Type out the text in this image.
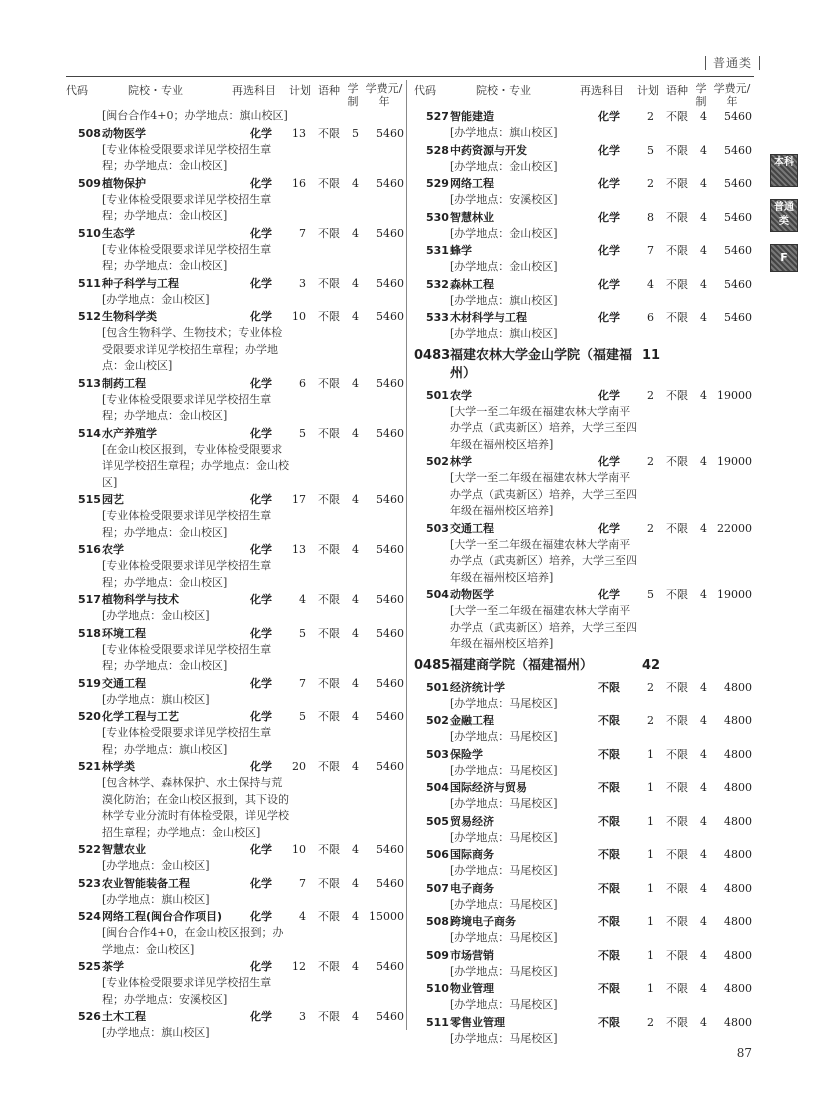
普通类
本科
普通类
F
代码	院校・专业	再选科目 计划 语种 学制
学费元/年
[闽台合作4+0；办学地点：旗山校区]
508 动物医学	化学	13 不限 5	5460
[专业体检受限要求详见学校招生章程；办学地点：金山校区]
509 植物保护	化学	16 不限 4	5460
[专业体检受限要求详见学校招生章程；办学地点：金山校区]
510 生态学	化学	7 不限 4	5460
[专业体检受限要求详见学校招生章程；办学地点：金山校区]
511 种子科学与工程	化学	3 不限 4	5460
[办学地点：金山校区]
512 生物科学类	化学	10 不限 4	5460
[包含生物科学、生物技术；专业体检受限要求详见学校招生章程；办学地点：金山校区]
513 制药工程	化学	6 不限 4	5460
[专业体检受限要求详见学校招生章程；办学地点：金山校区]
514 水产养殖学	化学	5 不限 4	5460
[在金山校区报到，专业体检受限要求详见学校招生章程；办学地点：金山校区]
515 园艺	化学	17 不限 4	5460
[专业体检受限要求详见学校招生章程；办学地点：金山校区]
516 农学	化学	13 不限 4	5460
[专业体检受限要求详见学校招生章程；办学地点：金山校区]
517 植物科学与技术	化学	4 不限 4	5460
[办学地点：金山校区]
518 环境工程	化学	5 不限 4	5460
[专业体检受限要求详见学校招生章程；办学地点：金山校区]
519 交通工程	化学	7 不限 4	5460
[办学地点：旗山校区]
520 化学工程与工艺	化学	5 不限 4	5460
[专业体检受限要求详见学校招生章程；办学地点：旗山校区]
521 林学类	化学	20 不限 4	5460
[包含林学、森林保护、水土保持与荒漠化防治；在金山校区报到，其下设的林学专业分流时有体检受限，详见学校招生章程；办学地点：金山校区]
522 智慧农业	化学	10 不限 4	5460
[办学地点：金山校区]
523 农业智能装备工程	化学	7 不限 4	5460
[办学地点：旗山校区]
524 网络工程(闽台合作项目)	化学	4 不限 4 15000
[闽台合作4+0，在金山校区报到；办学地点：金山校区]
525 茶学	化学	12 不限 4	5460
[专业体检受限要求详见学校招生章程；办学地点：安溪校区]
526 土木工程	化学	3 不限 4	5460
[办学地点：旗山校区]
代码	院校・专业	再选科目 计划 语种 学制
学费元/年
527 智能建造	化学	2 不限 4	5460
[办学地点：旗山校区]
528 中药资源与开发	化学	5 不限 4	5460
[办学地点：金山校区]
529 网络工程	化学	2 不限 4	5460
[办学地点：安溪校区]
530 智慧林业	化学	8 不限 4	5460
[办学地点：金山校区]
531 蜂学	化学	7 不限 4	5460
[办学地点：金山校区]
532 森林工程	化学	4 不限 4	5460
[办学地点：旗山校区]
533 木材科学与工程	化学	6 不限 4	5460
[办学地点：旗山校区]
0483 福建农林大学金山学院（福建福州）
11
501 农学	化学	2 不限 4 19000
[大学一至二年级在福建农林大学南平办学点（武夷新区）培养，大学三至四年级在福州校区培养]
502 林学	化学	2 不限 4 19000
[大学一至二年级在福建农林大学南平办学点（武夷新区）培养，大学三至四年级在福州校区培养]
503 交通工程	化学	2 不限 4 22000
[大学一至二年级在福建农林大学南平办学点（武夷新区）培养，大学三至四年级在福州校区培养]
504 动物医学	化学	5 不限 4 19000
[大学一至二年级在福建农林大学南平办学点（武夷新区）培养，大学三至四年级在福州校区培养]
0485 福建商学院（福建福州）	42
501 经济统计学	不限	2 不限 4	4800
[办学地点：马尾校区]
502 金融工程	不限	2 不限 4	4800
[办学地点：马尾校区]
503 保险学	不限	1 不限 4	4800
[办学地点：马尾校区]
504 国际经济与贸易	不限	1 不限 4	4800
[办学地点：马尾校区]
505 贸易经济	不限	1 不限 4	4800
[办学地点：马尾校区]
506 国际商务	不限	1 不限 4	4800
[办学地点：马尾校区]
507 电子商务	不限	1 不限 4	4800
[办学地点：马尾校区]
508 跨境电子商务	不限	1 不限 4	4800
[办学地点：马尾校区]
509 市场营销	不限	1 不限 4	4800
[办学地点：马尾校区]
510 物业管理	不限	1 不限 4	4800
[办学地点：马尾校区]
511 零售业管理	不限	2 不限 4	4800
[办学地点：马尾校区]
87
